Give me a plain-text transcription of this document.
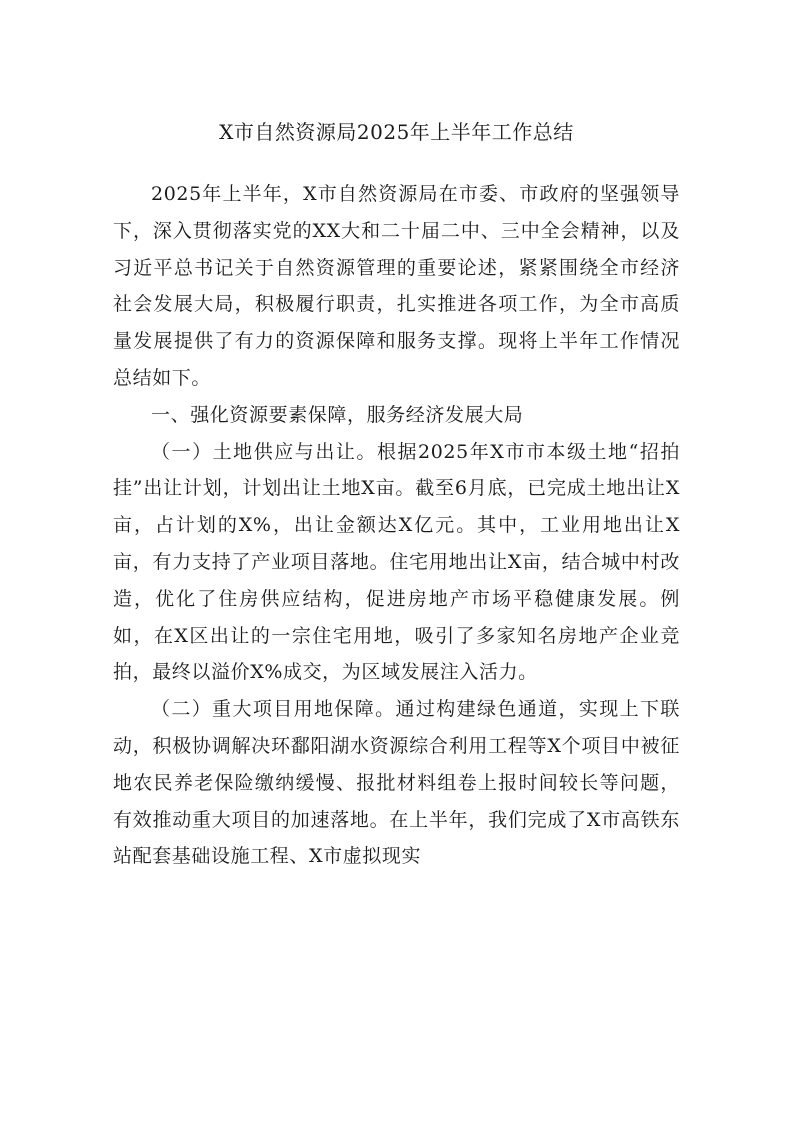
X市自然资源局2025年上半年工作总结

2025年上半年，X市自然资源局在市委、市政府的坚强领导下，深入贯彻落实党的XX大和二十届二中、三中全会精神，以及习近平总书记关于自然资源管理的重要论述，紧紧围绕全市经济社会发展大局，积极履行职责，扎实推进各项工作，为全市高质量发展提供了有力的资源保障和服务支撑。现将上半年工作情况总结如下。

一、强化资源要素保障，服务经济发展大局

（一）土地供应与出让。根据2025年X市市本级土地“招拍挂”出让计划，计划出让土地X亩。截至6月底，已完成土地出让X亩，占计划的X%，出让金额达X亿元。其中，工业用地出让X亩，有力支持了产业项目落地。住宅用地出让X亩，结合城中村改造，优化了住房供应结构，促进房地产市场平稳健康发展。例如，在X区出让的一宗住宅用地，吸引了多家知名房地产企业竞拍，最终以溢价X%成交，为区域发展注入活力。

（二）重大项目用地保障。通过构建绿色通道，实现上下联动，积极协调解决环鄱阳湖水资源综合利用工程等X个项目中被征地农民养老保险缴纳缓慢、报批材料组卷上报时间较长等问题，有效推动重大项目的加速落地。在上半年，我们完成了X市高铁东站配套基础设施工程、X市虚拟现实
